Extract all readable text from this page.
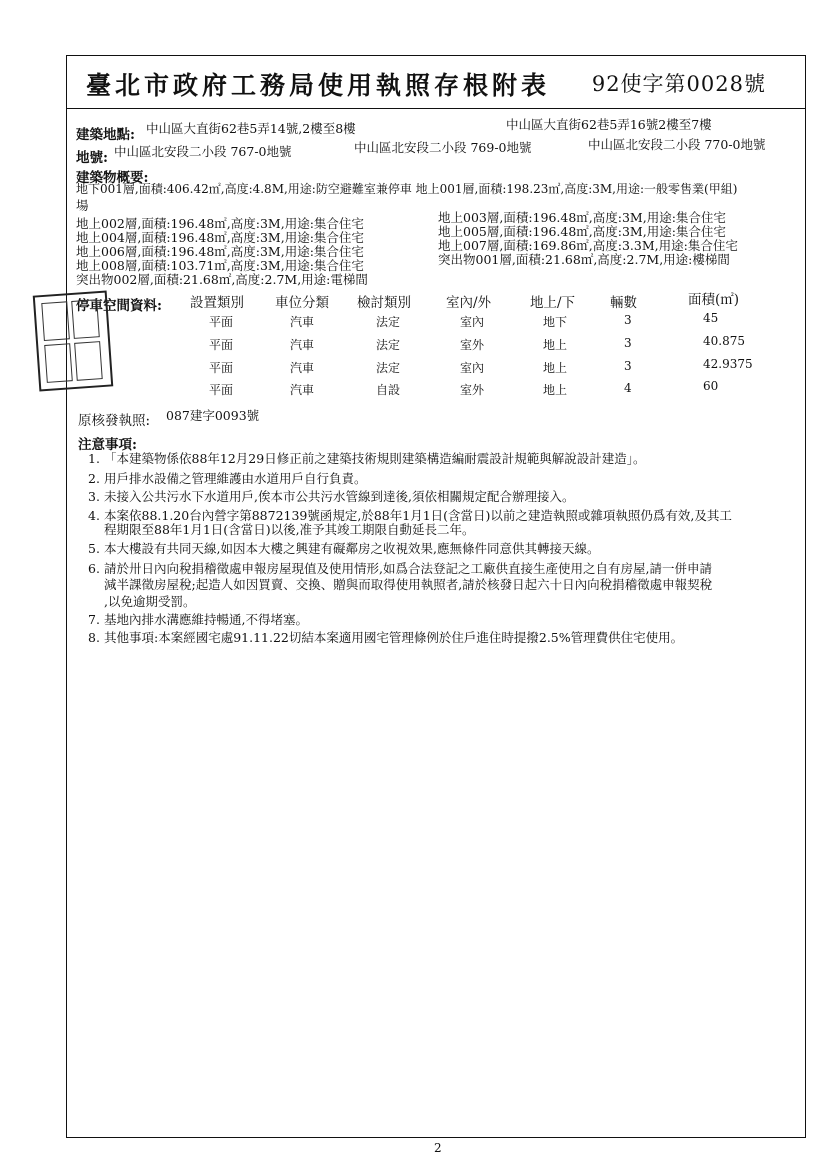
臺北市政府工務局使用執照存根附表 92使字第0028號
建築地點: 中山區大直街62巷5弄14號,2樓至8樓	中山區大直街62巷5弄16號2樓至7樓
地號: 中山區北安段二小段 767-0地號	中山區北安段二小段 769-0地號	中山區北安段二小段 770-0地號
建築物概要:
地下001層,面積:406.42㎡,高度:4.8M,用途:防空避難室兼停車 地上001層,面積:198.23㎡,高度:3M,用途:一般零售業(甲組)
場
地上002層,面積:196.48㎡,高度:3M,用途:集合住宅
地上004層,面積:196.48㎡,高度:3M,用途:集合住宅
地上006層,面積:196.48㎡,高度:3M,用途:集合住宅
地上008層,面積:103.71㎡,高度:3M,用途:集合住宅
突出物002層,面積:21.68㎡,高度:2.7M,用途:電梯間
地上003層,面積:196.48㎡,高度:3M,用途:集合住宅
地上005層,面積:196.48㎡,高度:3M,用途:集合住宅
地上007層,面積:169.86㎡,高度:3.3M,用途:集合住宅
突出物001層,面積:21.68㎡,高度:2.7M,用途:樓梯間
停車空間資料: 設置類別 車位分類 檢討類別	室內/外	地上/下	輛數	面積(㎡)
平面	汽車	法定	室內	地下	3	45
平面	汽車	法定	室外	地上	3	40.875
平面	汽車	法定	室內	地上	3	42.9375
平面	汽車	自設	室外	地上	4	60
原核發執照: 087建字0093號
注意事項:
1. 「本建築物係依88年12月29日修正前之建築技術規則建築構造編耐震設計規範與解說設計建造」。
2. 用戶排水設備之管理維護由水道用戶自行負責。
3. 未接入公共污水下水道用戶,俟本市公共污水管線到達後,須依相關規定配合辦理接入。
4. 本案依88.1.20台內營字第8872139號函規定,於88年1月1日(含當日)以前之建造執照或雜項執照仍爲有效,及其工
程期限至88年1月1日(含當日)以後,准予其竣工期限自動延長二年。
5. 本大樓設有共同天線,如因本大樓之興建有礙鄰房之收視效果,應無條件同意供其轉接天線。
6. 請於卅日內向稅捐稽徵處申報房屋現值及使用情形,如爲合法登記之工廠供直接生產使用之自有房屋,請一併申請
減半課徵房屋稅;起造人如因買賣、交換、贈與而取得使用執照者,請於核發日起六十日內向稅捐稽徵處申報契稅
,以免逾期受罰。
7. 基地內排水溝應維持暢通,不得堵塞。
8. 其他事項:本案經國宅處91.11.22切結本案適用國宅管理條例於住戶進住時提撥2.5%管理費供住宅使用。
2
